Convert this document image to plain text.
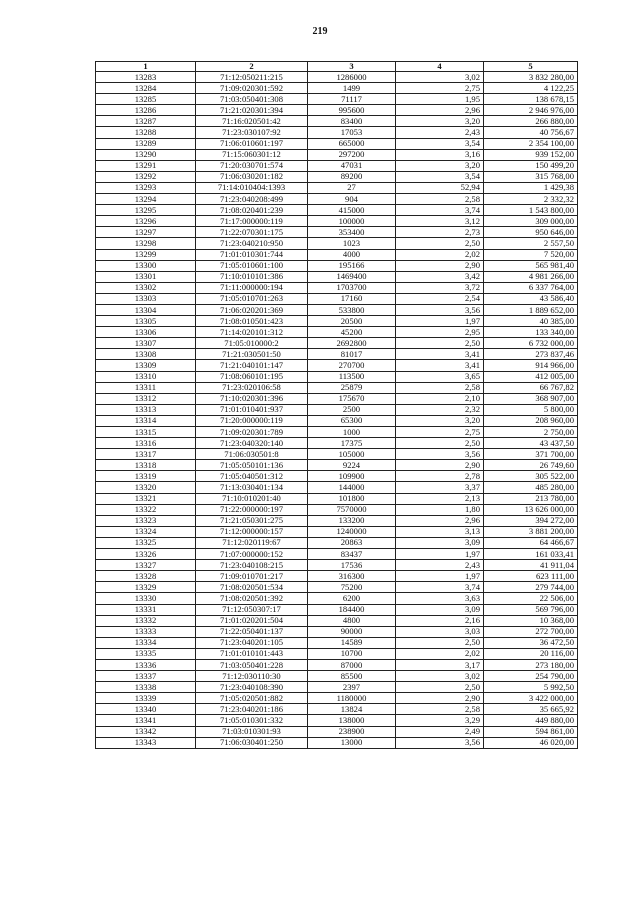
219
1	2	3	4	5
13283	71:12:050211:215	1286000	3,02	3 832 280,00
13284	71:09:020301:592	1499	2,75	4 122,25
13285	71:03:050401:308	71117	1,95	138 678,15
13286	71:21:020301:394	995600	2,96	2 946 976,00
13287	71:16:020501:42	83400	3,20	266 880,00
13288	71:23:030107:92	17053	2,43	40 756,67
13289	71:06:010601:197	665000	3,54	2 354 100,00
13290	71:15:060301:12	297200	3,16	939 152,00
13291	71:20:030701:574	47031	3,20	150 499,20
13292	71:06:030201:182	89200	3,54	315 768,00
13293	71:14:010404:1393	27	52,94	1 429,38
13294	71:23:040208:499	904	2,58	2 332,32
13295	71:08:020401:239	415000	3,74	1 543 800,00
13296	71:17:000000:119	100000	3,12	309 000,00
13297	71:22:070301:175	353400	2,73	950 646,00
13298	71:23:040210:950	1023	2,50	2 557,50
13299	71:01:010301:744	4000	2,02	7 520,00
13300	71:05:010601:100	195166	2,90	565 981,40
13301	71:10:010101:386	1469400	3,42	4 981 266,00
13302	71:11:000000:194	1703700	3,72	6 337 764,00
13303	71:05:010701:263	17160	2,54	43 586,40
13304	71:06:020201:369	533800	3,56	1 889 652,00
13305	71:08:010501:423	20500	1,97	40 385,00
13306	71:14:020101:312	45200	2,95	133 340,00
13307	71:05:010000:2	2692800	2,50	6 732 000,00
13308	71:21:030501:50	81017	3,41	273 837,46
13309	71:21:040101:147	270700	3,41	914 966,00
13310	71:08:060101:195	113500	3,65	412 005,00
13311	71:23:020106:58	25879	2,58	66 767,82
13312	71:10:020301:396	175670	2,10	368 907,00
13313	71:01:010401:937	2500	2,32	5 800,00
13314	71:20:000000:119	65300	3,20	208 960,00
13315	71:09:020301:789	1000	2,75	2 750,00
13316	71:23:040320:140	17375	2,50	43 437,50
13317	71:06:030501:8	105000	3,56	371 700,00
13318	71:05:050101:136	9224	2,90	26 749,60
13319	71:05:040501:312	109900	2,78	305 522,00
13320	71:13:030401:134	144000	3,37	485 280,00
13321	71:10:010201:40	101800	2,13	213 780,00
13322	71:22:000000:197	7570000	1,80	13 626 000,00
13323	71:21:050301:275	133200	2,96	394 272,00
13324	71:12:000000:157	1240000	3,13	3 881 200,00
13325	71:12:020119:67	20863	3,09	64 466,67
13326	71:07:000000:152	83437	1,97	161 033,41
13327	71:23:040108:215	17536	2,43	41 911,04
13328	71:09:010701:217	316300	1,97	623 111,00
13329	71:08:020501:534	75200	3,74	279 744,00
13330	71:08:020501:392	6200	3,63	22 506,00
13331	71:12:050307:17	184400	3,09	569 796,00
13332	71:01:020201:504	4800	2,16	10 368,00
13333	71:22:050401:137	90000	3,03	272 700,00
13334	71:23:040201:105	14589	2,50	36 472,50
13335	71:01:010101:443	10700	2,02	20 116,00
13336	71:03:050401:228	87000	3,17	273 180,00
13337	71:12:030110:30	85500	3,02	254 790,00
13338	71:23:040108:390	2397	2,50	5 992,50
13339	71:05:020501:882	1180000	2,90	3 422 000,00
13340	71:23:040201:186	13824	2,58	35 665,92
13341	71:05:010301:332	138000	3,29	449 880,00
13342	71:03:010301:93	238900	2,49	594 861,00
13343	71:06:030401:250	13000	3,56	46 020,00
